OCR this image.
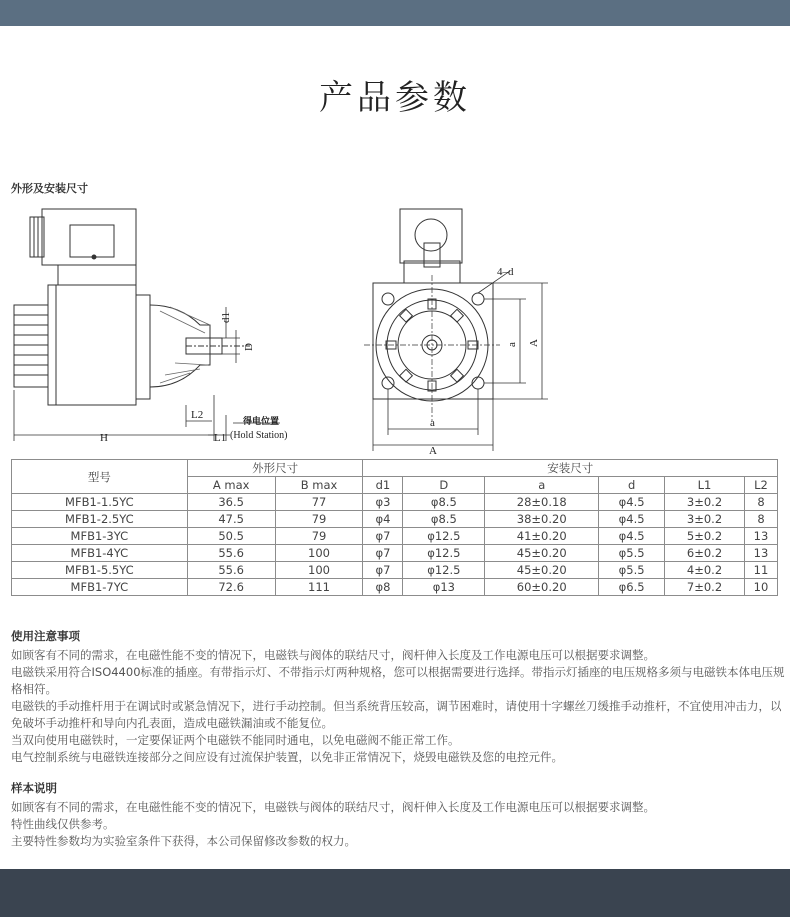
产品参数
外形及安装尺寸
d1
D
L2
L1
H
得电位置
(Hold Station)
4–d
a A
a
A
型号	外形尺寸		安装尺寸					
	A max	B max	d1	D	a	d	L1	L2
MFB1-1.5YC	36.5	77	φ3	φ8.5	28±0.18	φ4.5	3±0.2	8
MFB1-2.5YC	47.5	79	φ4	φ8.5	38±0.20	φ4.5	3±0.2	8
MFB1-3YC	50.5	79	φ7	φ12.5	41±0.20	φ4.5	5±0.2	13
MFB1-4YC	55.6	100	φ7	φ12.5	45±0.20	φ5.5	6±0.2	13
MFB1-5.5YC	55.6	100	φ7	φ12.5	45±0.20	φ5.5	4±0.2	11
MFB1-7YC	72.6	111	φ8	φ13	60±0.20	φ6.5	7±0.2	10
使用注意事项

如顾客有不同的需求，在电磁性能不变的情况下，电磁铁与阀体的联结尺寸，阀杆伸入长度及工作电源电压可以根据要求调整。

电磁铁采用符合ISO4400标准的插座。有带指示灯、不带指示灯两种规格，您可以根据需要进行选择。带指示灯插座的电压规格多须与电磁铁本体电压规格相符。

电磁铁的手动推杆用于在调试时或紧急情况下，进行手动控制。但当系统背压较高，调节困难时，请使用十字螺丝刀缓推手动推杆，不宜使用冲击力，以免破坏手动推杆和导向内孔表面，造成电磁铁漏油或不能复位。

当双向使用电磁铁时，一定要保证两个电磁铁不能同时通电，以免电磁阀不能正常工作。

电气控制系统与电磁铁连接部分之间应设有过流保护装置，以免非正常情况下，烧毁电磁铁及您的电控元件。

样本说明

如顾客有不同的需求，在电磁性能不变的情况下，电磁铁与阀体的联结尺寸，阀杆伸入长度及工作电源电压可以根据要求调整。

特性曲线仅供参考。

主要特性参数均为实验室条件下获得，本公司保留修改参数的权力。
